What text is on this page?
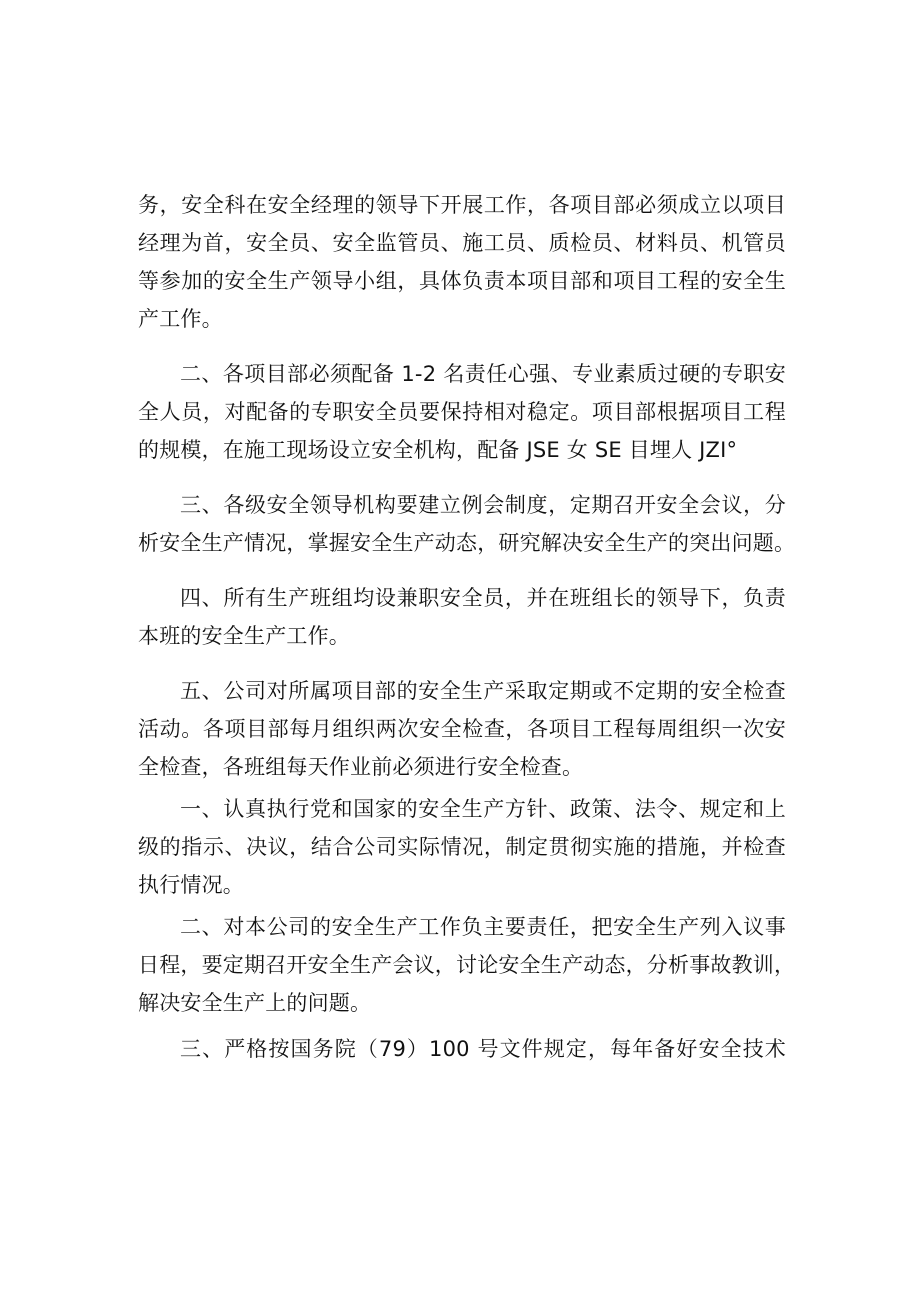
务，安全科在安全经理的领导下开展工作，各项目部必须成立以项目
经理为首，安全员、安全监管员、施工员、质检员、材料员、机管员
等参加的安全生产领导小组，具体负责本项目部和项目工程的安全生
产工作。
二、各项目部必须配备 1-2 名责任心强、专业素质过硬的专职安
全人员，对配备的专职安全员要保持相对稳定。项目部根据项目工程
的规模，在施工现场设立安全机构，配备 JSE 女 SE 目埋人 JZI°
三、各级安全领导机构要建立例会制度，定期召开安全会议，分
析安全生产情况，掌握安全生产动态，研究解决安全生产的突出问题。
四、所有生产班组均设兼职安全员，并在班组长的领导下，负责
本班的安全生产工作。
五、公司对所属项目部的安全生产采取定期或不定期的安全检查
活动。各项目部每月组织两次安全检查，各项目工程每周组织一次安
全检查，各班组每天作业前必须进行安全检查。
一、认真执行党和国家的安全生产方针、政策、法令、规定和上
级的指示、决议，结合公司实际情况，制定贯彻实施的措施，并检查
执行情况。
二、对本公司的安全生产工作负主要责任，把安全生产列入议事
日程，要定期召开安全生产会议，讨论安全生产动态，分析事故教训，
解决安全生产上的问题。
三、严格按国务院（79）100 号文件规定，每年备好安全技术
